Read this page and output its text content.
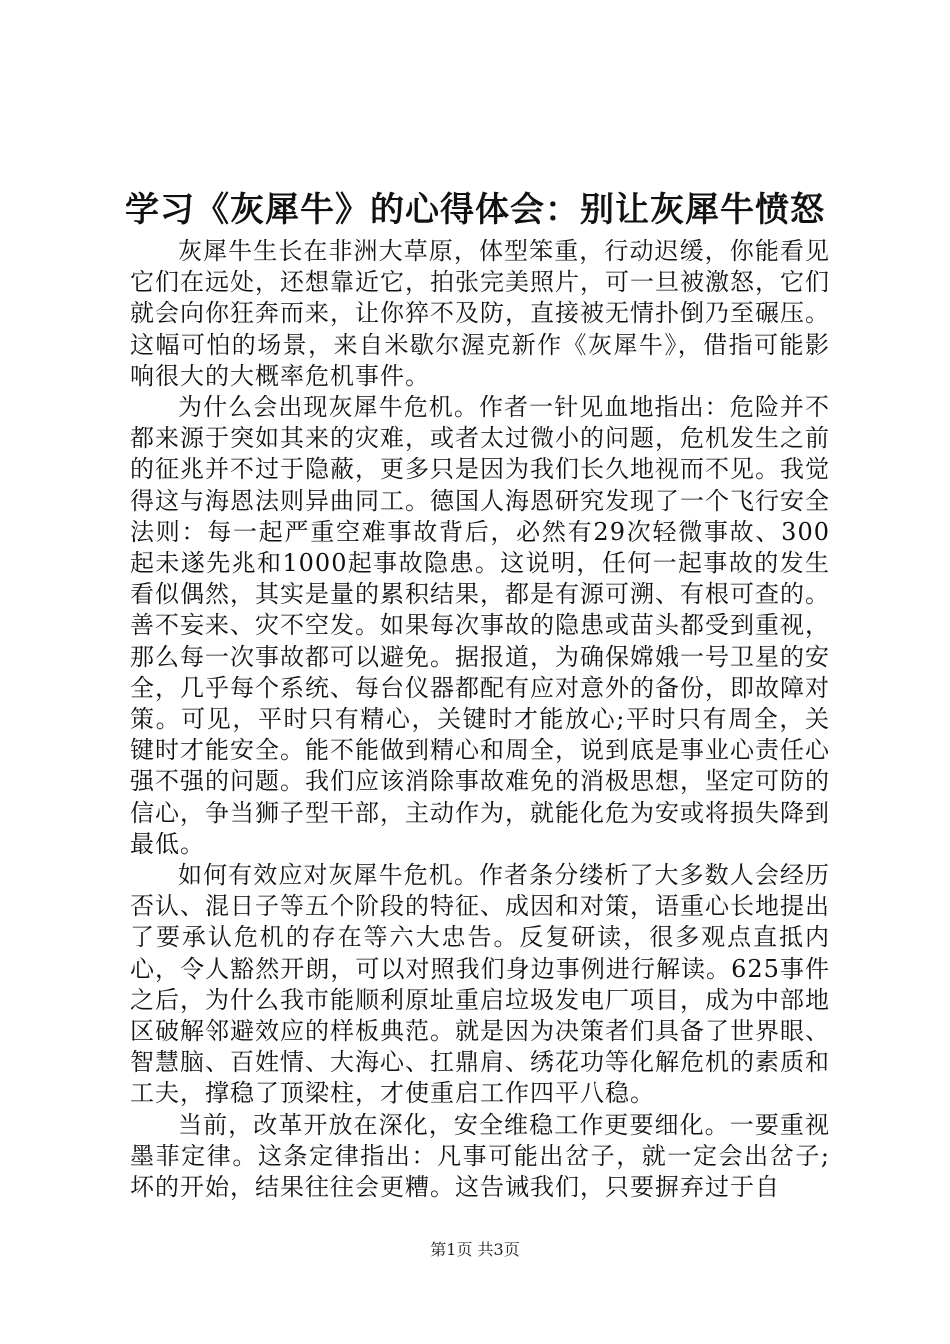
学习《灰犀牛》的心得体会：别让灰犀牛愤怒

灰犀牛生长在非洲大草原，体型笨重，行动迟缓，你能看见它们在远处，还想靠近它，拍张完美照片，可一旦被激怒，它们就会向你狂奔而来，让你猝不及防，直接被无情扑倒乃至碾压。这幅可怕的场景，来自米歇尔渥克新作《灰犀牛》，借指可能影响很大的大概率危机事件。

为什么会出现灰犀牛危机。作者一针见血地指出：危险并不都来源于突如其来的灾难，或者太过微小的问题，危机发生之前的征兆并不过于隐蔽，更多只是因为我们长久地视而不见。我觉得这与海恩法则异曲同工。德国人海恩研究发现了一个飞行安全法则：每一起严重空难事故背后，必然有29次轻微事故、300起未遂先兆和1000起事故隐患。这说明，任何一起事故的发生看似偶然，其实是量的累积结果，都是有源可溯、有根可查的。善不妄来、灾不空发。如果每次事故的隐患或苗头都受到重视，那么每一次事故都可以避免。据报道，为确保嫦娥一号卫星的安全，几乎每个系统、每台仪器都配有应对意外的备份，即故障对策。可见，平时只有精心，关键时才能放心;平时只有周全，关键时才能安全。能不能做到精心和周全，说到底是事业心责任心强不强的问题。我们应该消除事故难免的消极思想，坚定可防的信心，争当狮子型干部，主动作为，就能化危为安或将损失降到最低。

如何有效应对灰犀牛危机。作者条分缕析了大多数人会经历否认、混日子等五个阶段的特征、成因和对策，语重心长地提出了要承认危机的存在等六大忠告。反复研读，很多观点直抵内心，令人豁然开朗，可以对照我们身边事例进行解读。625事件之后，为什么我市能顺利原址重启垃圾发电厂项目，成为中部地区破解邻避效应的样板典范。就是因为决策者们具备了世界眼、智慧脑、百姓情、大海心、扛鼎肩、绣花功等化解危机的素质和工夫，撑稳了顶梁柱，才使重启工作四平八稳。

当前，改革开放在深化，安全维稳工作更要细化。一要重视墨菲定律。这条定律指出：凡事可能出岔子，就一定会出岔子;坏的开始，结果往往会更糟。这告诫我们，只要摒弃过于自

第1页 共3页
